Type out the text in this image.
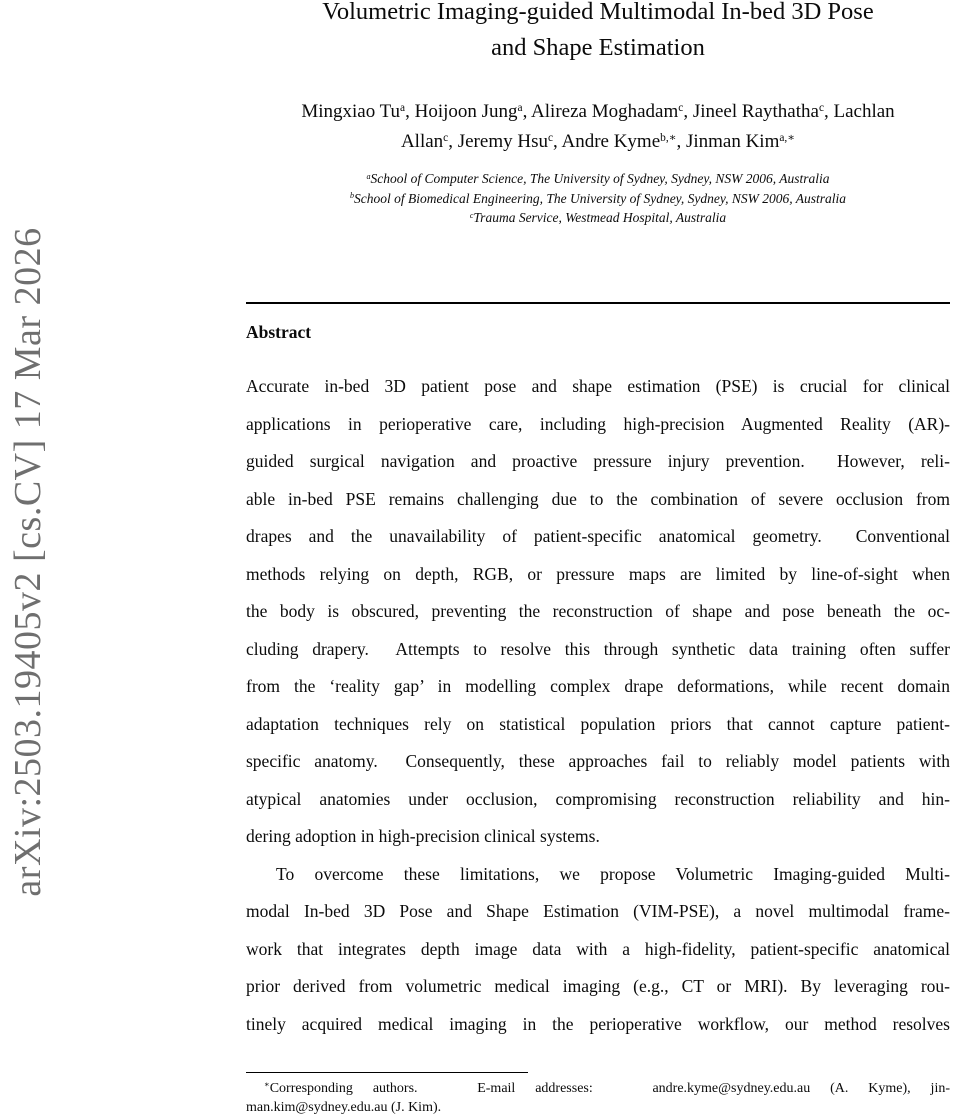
arXiv:2503.19405v2 [cs.CV] 17 Mar 2026
Volumetric Imaging-guided Multimodal In-bed 3D Pose
and Shape Estimation
Mingxiao Tu$^a$, Hoijoon Jung$^a$, Alireza Moghadam$^c$, Jineel Raythatha$^c$, Lachlan
Allan$^c$, Jeremy Hsu$^c$, Andre Kyme$^{b,∗}$, Jinman Kim$^{a,∗}$
$^a$School of Computer Science, The University of Sydney, Sydney, NSW 2006, Australia
$^b$School of Biomedical Engineering, The University of Sydney, Sydney, NSW 2006, Australia
$^c$Trauma Service, Westmead Hospital, Australia
Abstract
Accurate in-bed 3D patient pose and shape estimation (PSE) is crucial for clinical
applications in perioperative care, including high-precision Augmented Reality (AR)-
guided surgical navigation and proactive pressure injury prevention.  However, reli-
able in-bed PSE remains challenging due to the combination of severe occlusion from
drapes and the unavailability of patient-specific anatomical geometry.  Conventional
methods relying on depth, RGB, or pressure maps are limited by line-of-sight when
the body is obscured, preventing the reconstruction of shape and pose beneath the oc-
cluding drapery.  Attempts to resolve this through synthetic data training often suffer
from the ‘reality gap’ in modelling complex drape deformations, while recent domain
adaptation techniques rely on statistical population priors that cannot capture patient-
specific anatomy.  Consequently, these approaches fail to reliably model patients with
atypical anatomies under occlusion, compromising reconstruction reliability and hin-
dering adoption in high-precision clinical systems.
To overcome these limitations, we propose Volumetric Imaging-guided Multi-
modal In-bed 3D Pose and Shape Estimation (VIM-PSE), a novel multimodal frame-
work that integrates depth image data with a high-fidelity, patient-specific anatomical
prior derived from volumetric medical imaging (e.g., CT or MRI). By leveraging rou-
tinely acquired medical imaging in the perioperative workflow, our method resolves
∗Corresponding authors.   E-mail addresses:   andre.kyme@sydney.edu.au (A. Kyme), jin-
man.kim@sydney.edu.au (J. Kim).
